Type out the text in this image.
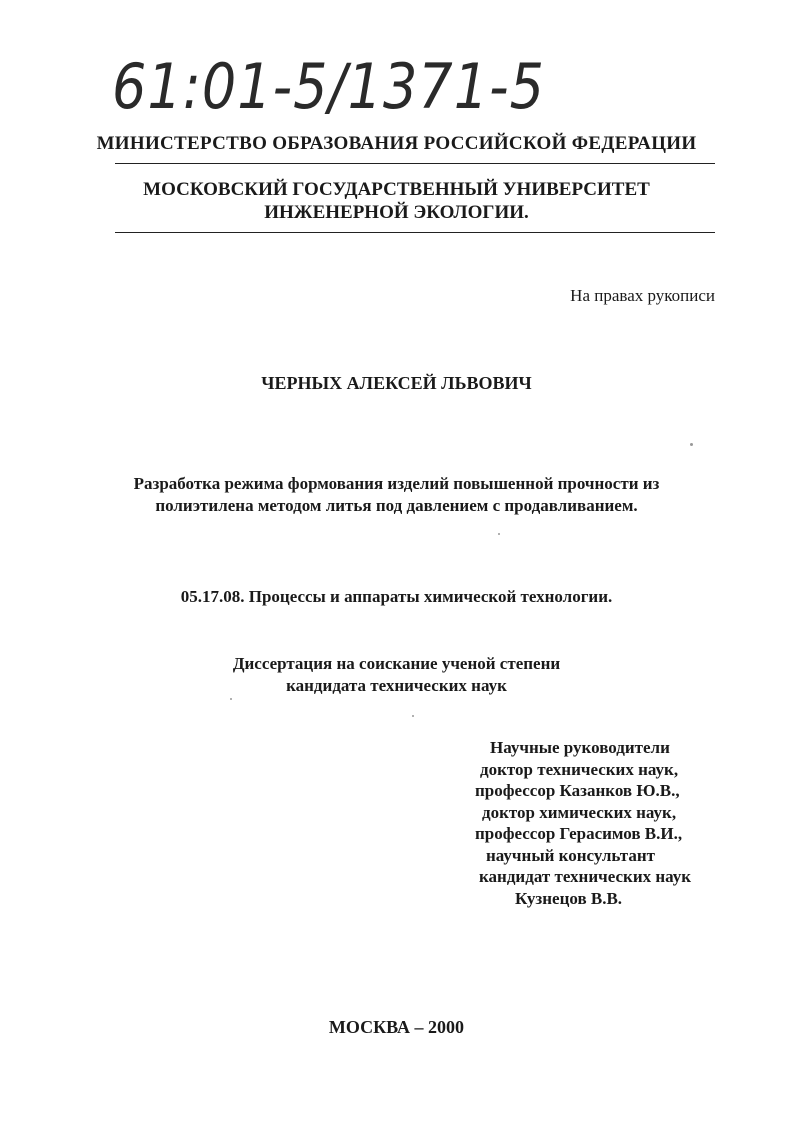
61:01-5/1371-5
МИНИСТЕРСТВО ОБРАЗОВАНИЯ РОССИЙСКОЙ ФЕДЕРАЦИИ
МОСКОВСКИЙ ГОСУДАРСТВЕННЫЙ УНИВЕРСИТЕТ
ИНЖЕНЕРНОЙ ЭКОЛОГИИ.
На правах рукописи
ЧЕРНЫХ АЛЕКСЕЙ ЛЬВОВИЧ
Разработка режима формования изделий повышенной прочности из
полиэтилена методом литья под давлением с продавливанием.
05.17.08. Процессы и аппараты химической технологии.
Диссертация на соискание ученой степени
кандидата технических наук
Научные руководители
доктор технических наук,
профессор Казанков Ю.В.,
доктор химических наук,
профессор Герасимов В.И.,
научный консультант
кандидат технических наук
Кузнецов В.В.
МОСКВА – 2000
